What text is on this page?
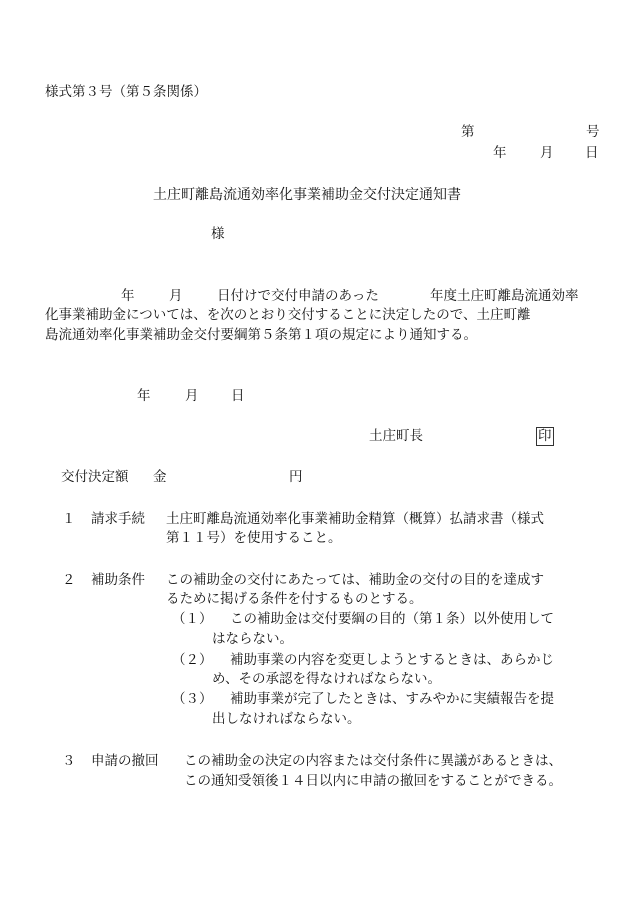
様式第３号（第５条関係）
第	号
年 月 日
土庄町離島流通効率化事業補助金交付決定通知書
様
年	月	日付けで交付申請のあった	年度土庄町離島流通効率
化事業補助金については、を次のとおり交付することに決定したので、土庄町離
島流通効率化事業補助金交付要綱第５条第１項の規定により通知する。
年	月 日
土庄町長	印
交付決定額 金	円
１ 請求手続 土庄町離島流通効率化事業補助金精算（概算）払請求書（様式
第１１号）を使用すること。
２ 補助条件 この補助金の交付にあたっては、補助金の交付の目的を達成す
るために掲げる条件を付するものとする。
（１） この補助金は交付要綱の目的（第１条）以外使用して
はならない。
（２） 補助事業の内容を変更しようとするときは、あらかじ
め、その承認を得なければならない。
（３） 補助事業が完了したときは、すみやかに実績報告を提
出しなければならない。
３ 申請の撤回 この補助金の決定の内容または交付条件に異議があるときは、
この通知受領後１４日以内に申請の撤回をすることができる。
